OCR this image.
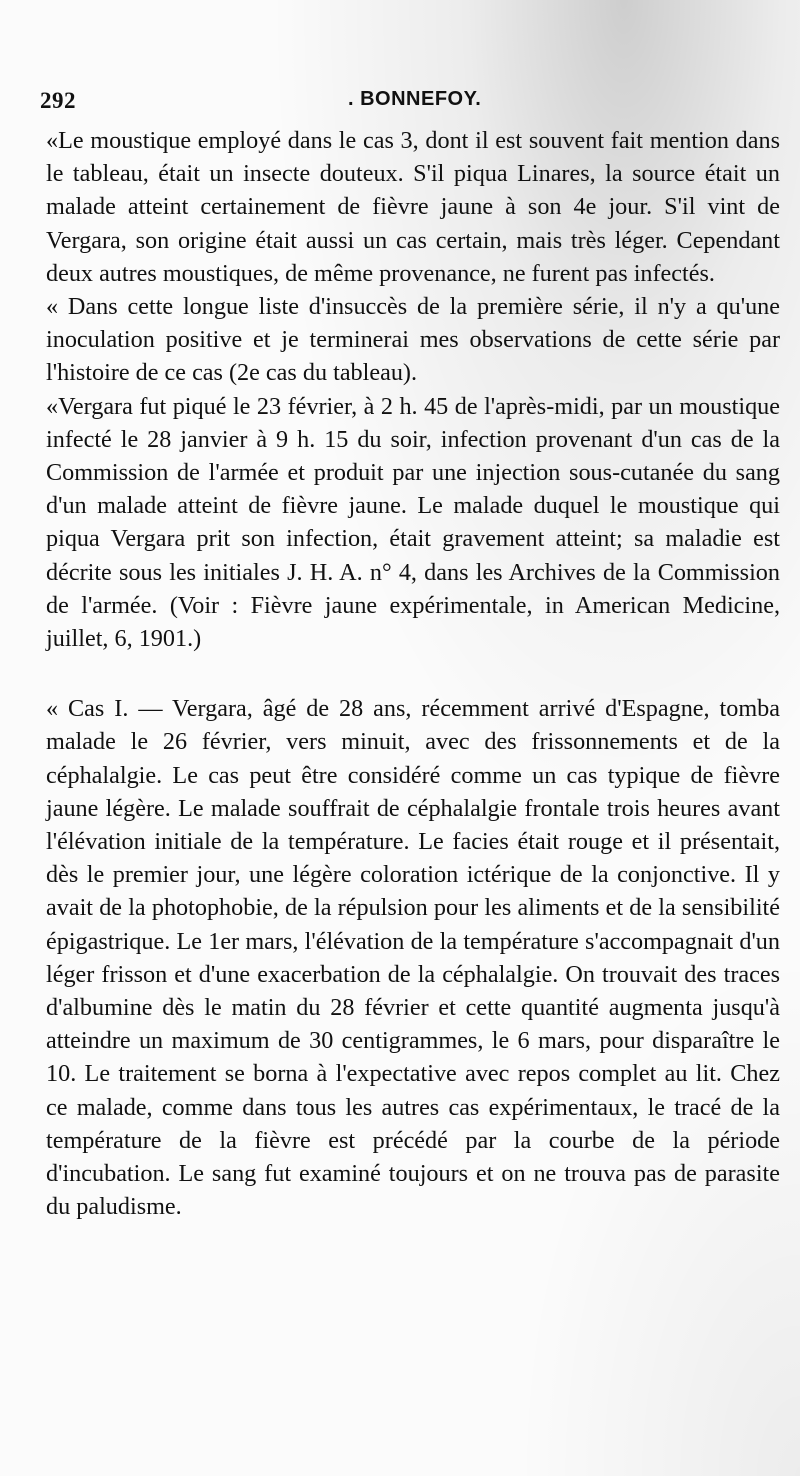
292	. BONNEFOY.

«Le moustique employé dans le cas 3, dont il est souvent fait mention dans le tableau, était un insecte douteux. S'il piqua Linares, la source était un malade atteint certainement de fièvre jaune à son 4e jour. S'il vint de Vergara, son origine était aussi un cas certain, mais très léger. Cependant deux autres moustiques, de même provenance, ne furent pas infectés.

« Dans cette longue liste d'insuccès de la première série, il n'y a qu'une inoculation positive et je terminerai mes observations de cette série par l'histoire de ce cas (2e cas du tableau).

«Vergara fut piqué le 23 février, à 2 h. 45 de l'après-midi, par un moustique infecté le 28 janvier à 9 h. 15 du soir, infection provenant d'un cas de la Commission de l'armée et produit par une injection sous-cutanée du sang d'un malade atteint de fièvre jaune. Le malade duquel le moustique qui piqua Vergara prit son infection, était gravement atteint; sa maladie est décrite sous les initiales J. H. A. n° 4, dans les Archives de la Commission de l'armée. (Voir : Fièvre jaune expérimentale, in American Medicine, juillet, 6, 1901.)

« Cas I. — Vergara, âgé de 28 ans, récemment arrivé d'Espagne, tomba malade le 26 février, vers minuit, avec des frissonnements et de la céphalalgie. Le cas peut être considéré comme un cas typique de fièvre jaune légère. Le malade souffrait de céphalalgie frontale trois heures avant l'élévation initiale de la température. Le facies était rouge et il présentait, dès le premier jour, une légère coloration ictérique de la conjonctive. Il y avait de la photophobie, de la répulsion pour les aliments et de la sensibilité épigastrique. Le 1er mars, l'élévation de la température s'accompagnait d'un léger frisson et d'une exacerbation de la céphalalgie. On trouvait des traces d'albumine dès le matin du 28 février et cette quantité augmenta jusqu'à atteindre un maximum de 30 centigrammes, le 6 mars, pour disparaître le 10. Le traitement se borna à l'expectative avec repos complet au lit. Chez ce malade, comme dans tous les autres cas expérimentaux, le tracé de la température de la fièvre est précédé par la courbe de la période d'incubation. Le sang fut examiné toujours et on ne trouva pas de parasite du paludisme.
